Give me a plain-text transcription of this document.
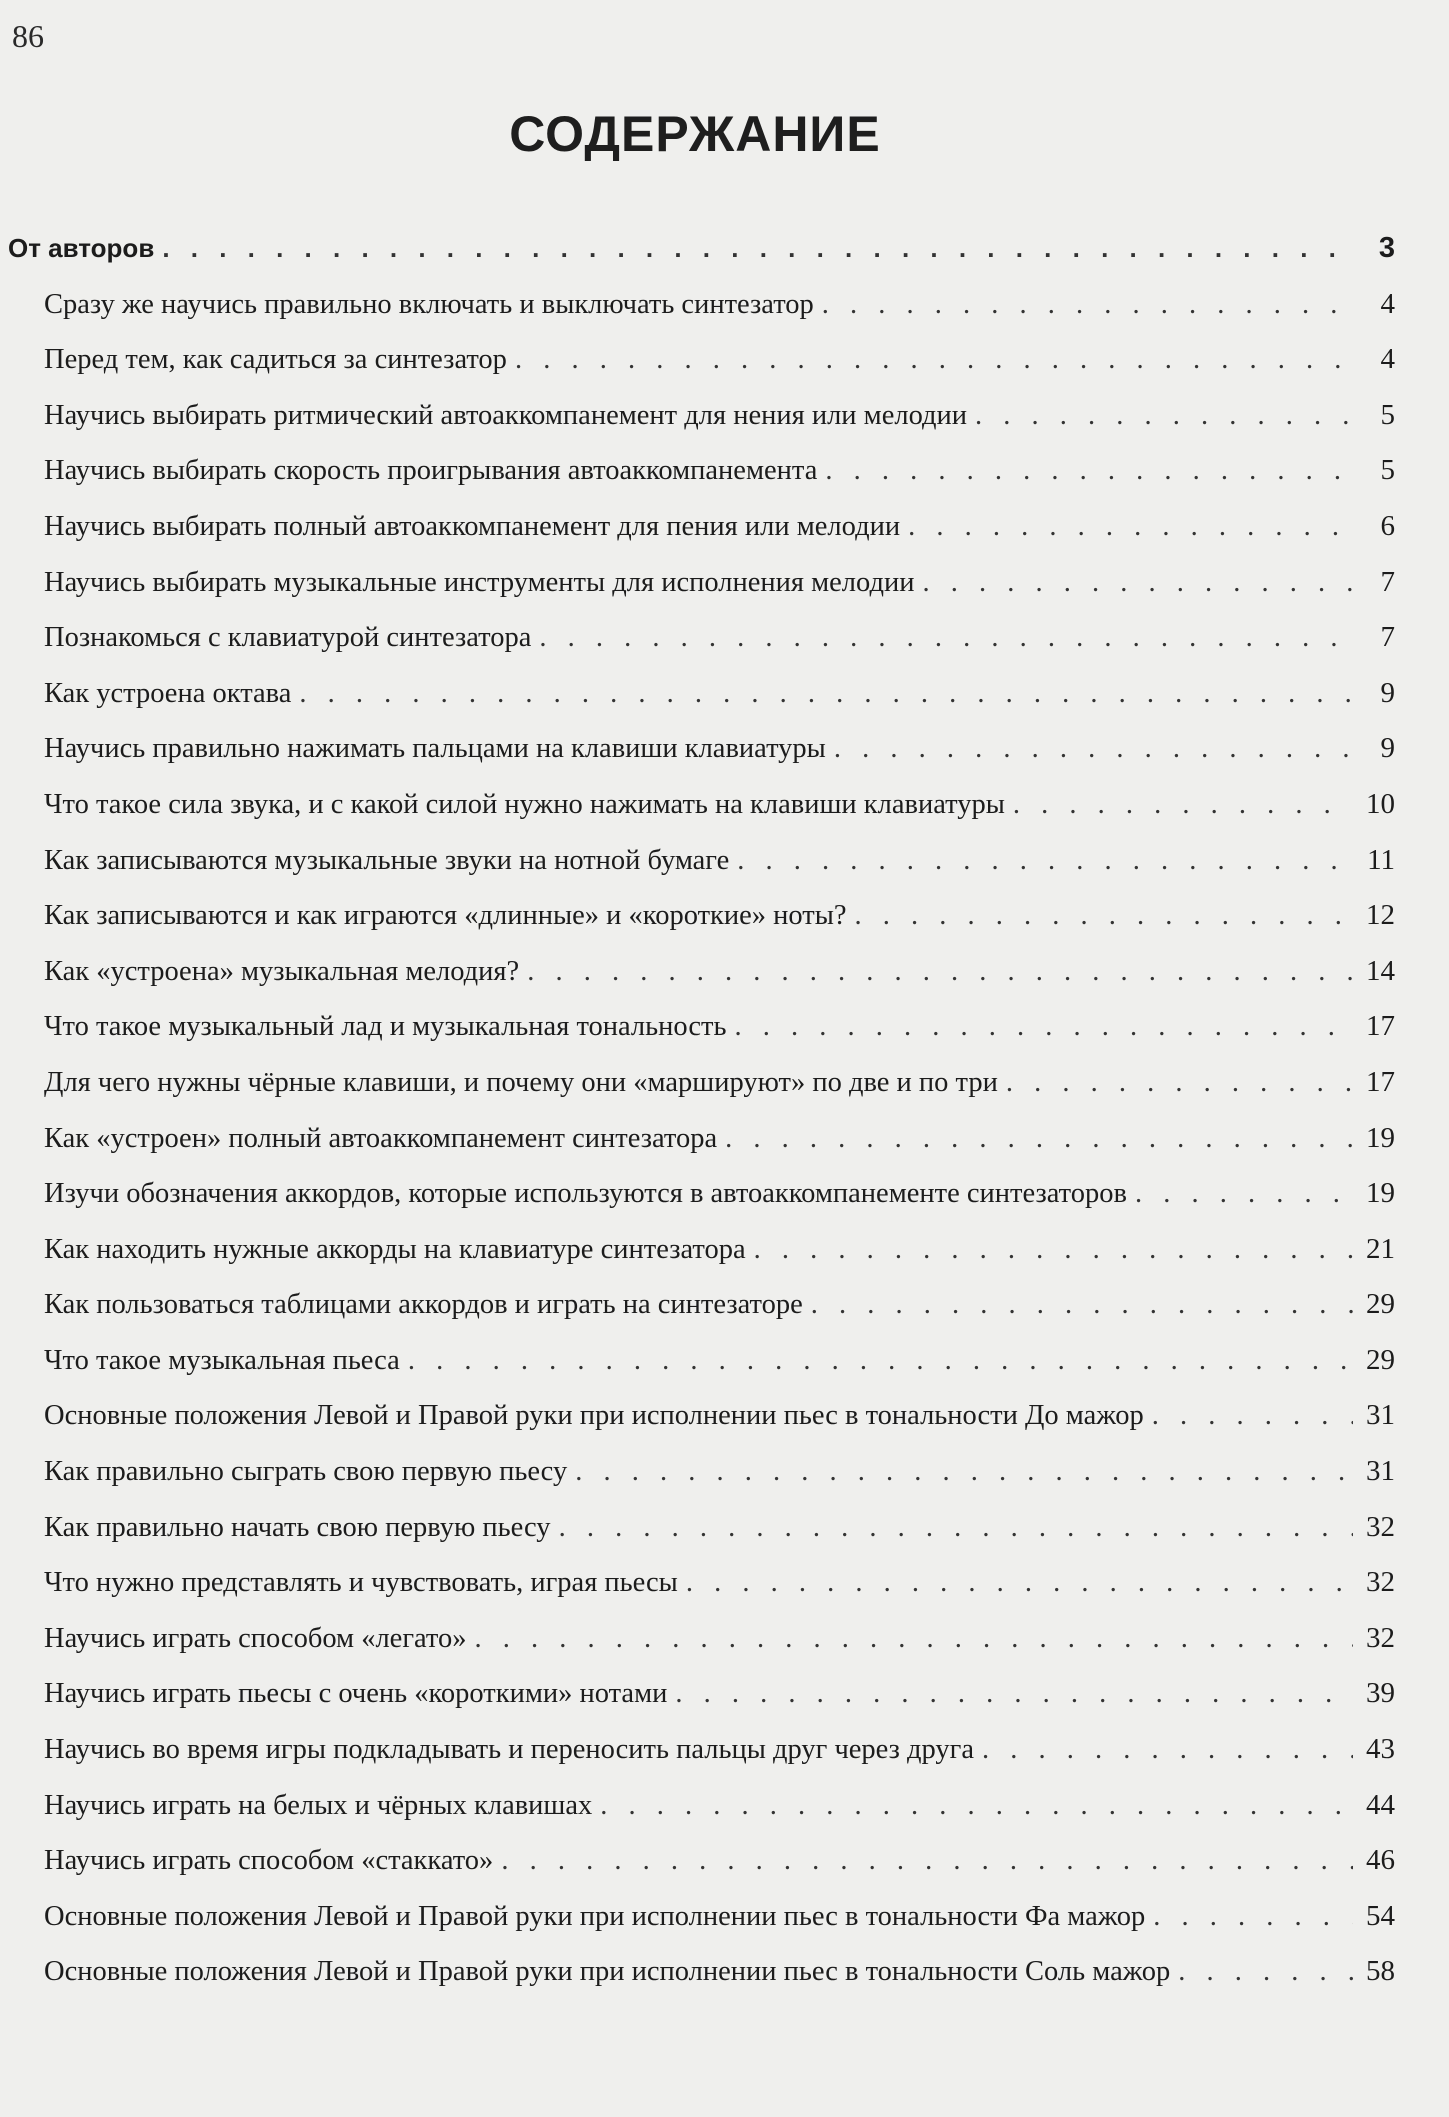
86
СОДЕРЖАНИЕ
От авторов . . .	3
Сразу же научись правильно включать и выключать синтезатор . . .	4
Перед тем, как садиться за синтезатор . . .	4
Научись выбирать ритмический автоаккомпанемент для нения или мелодии . . .	5
Научись выбирать скорость проигрывания автоаккомпанемента . . .	5
Научись выбирать полный автоаккомпанемент для пения или мелодии . . .	6
Научись выбирать музыкальные инструменты для исполнения мелодии . . .	7
Познакомься с клавиатурой синтезатора . . .	7
Как устроена октава . . .	9
Научись правильно нажимать пальцами на клавиши клавиатуры . . .	9
Что такое сила звука, и с какой силой нужно нажимать на клавиши клавиатуры . . .	10
Как записываются музыкальные звуки на нотной бумаге . . .	11
Как записываются и как играются «длинные» и «короткие» ноты? . . .	12
Как «устроена» музыкальная мелодия? . . .	14
Что такое музыкальный лад и музыкальная тональность . . .	17
Для чего нужны чёрные клавиши, и почему они «маршируют» по две и по три . . .	17
Как «устроен» полный автоаккомпанемент синтезатора . . .	19
Изучи обозначения аккордов, которые используются в автоаккомпанементе синтезаторов . . .	19
Как находить нужные аккорды на клавиатуре синтезатора . . .	21
Как пользоваться таблицами аккордов и играть на синтезаторе . . .	29
Что такое музыкальная пьеса . . .	29
Основные положения Левой и Правой руки при исполнении пьес в тональности До мажор . . .	31
Как правильно сыграть свою первую пьесу . . .	31
Как правильно начать свою первую пьесу . . .	32
Что нужно представлять и чувствовать, играя пьесы . . .	32
Научись играть способом «легато» . . .	32
Научись играть пьесы с очень «короткими» нотами . . .	39
Научись во время игры подкладывать и переносить пальцы друг через друга . . .	43
Научись играть на белых и чёрных клавишах . . .	44
Научись играть способом «стаккато» . . .	46
Основные положения Левой и Правой руки при исполнении пьес в тональности Фа мажор . . .	54
Основные положения Левой и Правой руки при исполнении пьес в тональности Соль мажор . . .	58
